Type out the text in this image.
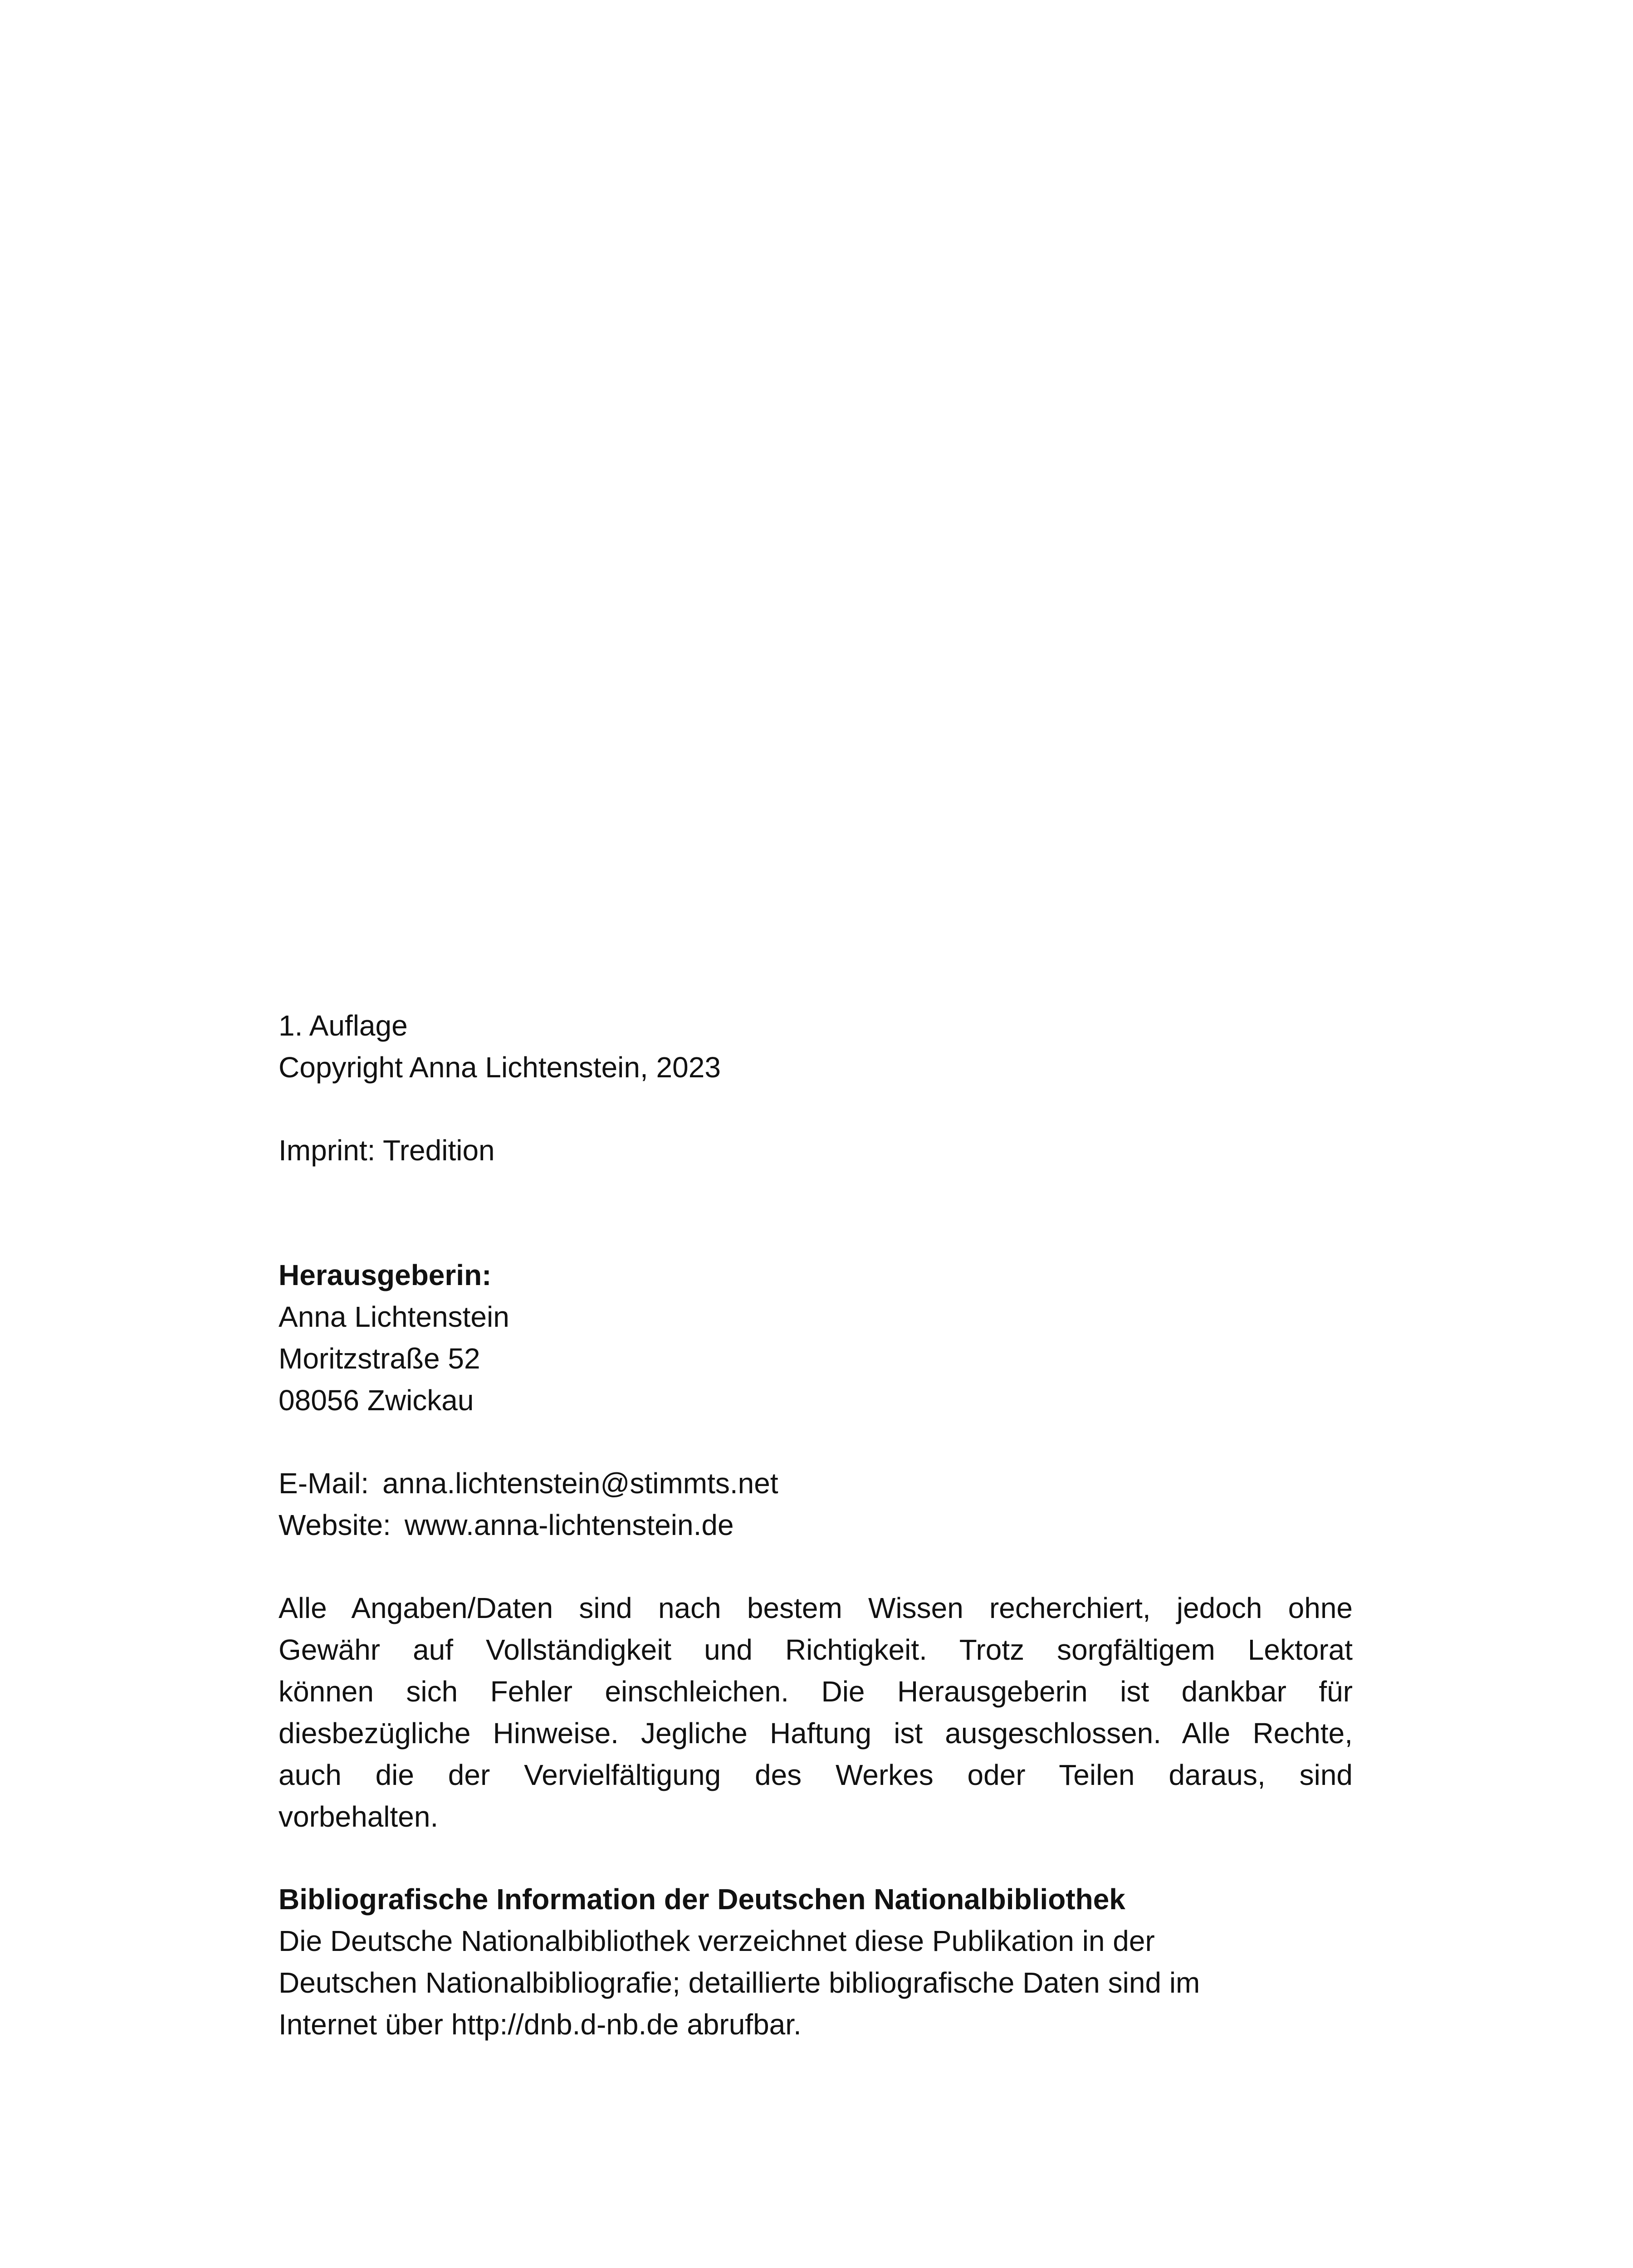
1. Auflage
Copyright Anna Lichtenstein, 2023
Imprint: Tredition
Herausgeberin:
Anna Lichtenstein
Moritzstraße 52
08056 Zwickau
E-Mail: anna.lichtenstein@stimmts.net
Website: www.anna-lichtenstein.de
Alle Angaben/Daten sind nach bestem Wissen recherchiert, jedoch ohne
Gewähr auf Vollständigkeit und Richtigkeit. Trotz sorgfältigem Lektorat
können sich Fehler einschleichen. Die Herausgeberin ist dankbar für
diesbezügliche Hinweise. Jegliche Haftung ist ausgeschlossen. Alle Rechte,
auch die der Vervielfältigung des Werkes oder Teilen daraus, sind
vorbehalten.
Bibliografische Information der Deutschen Nationalbibliothek
Die Deutsche Nationalbibliothek verzeichnet diese Publikation in der
Deutschen Nationalbibliografie; detaillierte bibliografische Daten sind im
Internet über http://dnb.d-nb.de abrufbar.
